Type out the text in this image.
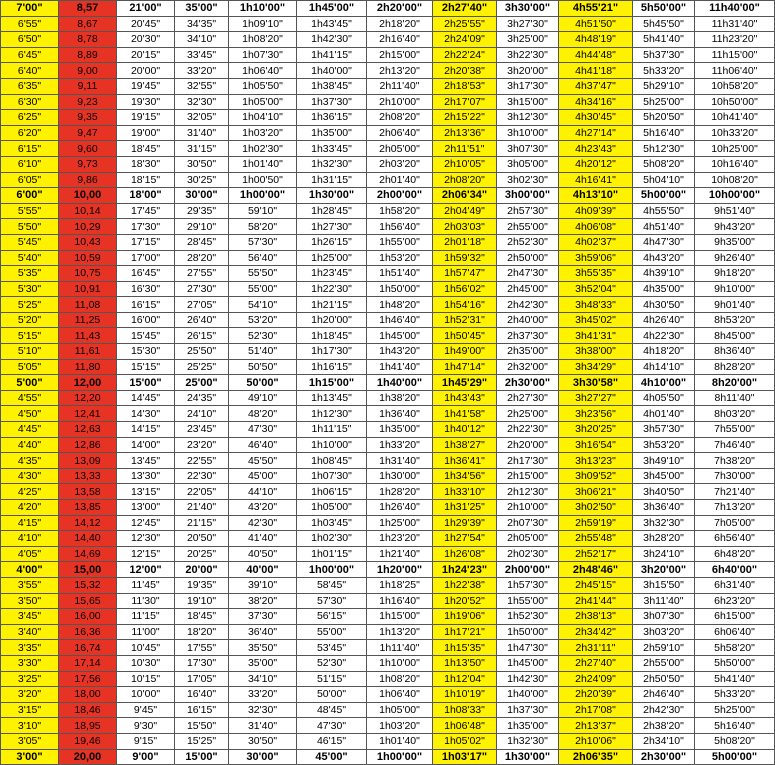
7'00"	8,57	21'00"	35'00"	1h10'00"	1h45'00"	2h20'00"	2h27'40"	3h30'00"	4h55'21"	5h50'00"	11h40'00"
6'55"	8,67	20'45"	34'35"	1h09'10"	1h43'45"	2h18'20"	2h25'55"	3h27'30"	4h51'50"	5h45'50"	11h31'40"
6'50"	8,78	20'30"	34'10"	1h08'20"	1h42'30"	2h16'40"	2h24'09"	3h25'00"	4h48'19"	5h41'40"	11h23'20"
6'45"	8,89	20'15"	33'45"	1h07'30"	1h41'15"	2h15'00"	2h22'24"	3h22'30"	4h44'48"	5h37'30"	11h15'00"
6'40"	9,00	20'00"	33'20"	1h06'40"	1h40'00"	2h13'20"	2h20'38"	3h20'00"	4h41'18"	5h33'20"	11h06'40"
6'35"	9,11	19'45"	32'55"	1h05'50"	1h38'45"	2h11'40"	2h18'53"	3h17'30"	4h37'47"	5h29'10"	10h58'20"
6'30"	9,23	19'30"	32'30"	1h05'00"	1h37'30"	2h10'00"	2h17'07"	3h15'00"	4h34'16"	5h25'00"	10h50'00"
6'25"	9,35	19'15"	32'05"	1h04'10"	1h36'15"	2h08'20"	2h15'22"	3h12'30"	4h30'45"	5h20'50"	10h41'40"
6'20"	9,47	19'00"	31'40"	1h03'20"	1h35'00"	2h06'40"	2h13'36"	3h10'00"	4h27'14"	5h16'40"	10h33'20"
6'15"	9,60	18'45"	31'15"	1h02'30"	1h33'45"	2h05'00"	2h11'51"	3h07'30"	4h23'43"	5h12'30"	10h25'00"
6'10"	9,73	18'30"	30'50"	1h01'40"	1h32'30"	2h03'20"	2h10'05"	3h05'00"	4h20'12"	5h08'20"	10h16'40"
6'05"	9,86	18'15"	30'25"	1h00'50"	1h31'15"	2h01'40"	2h08'20"	3h02'30"	4h16'41"	5h04'10"	10h08'20"
6'00"	10,00	18'00"	30'00"	1h00'00"	1h30'00"	2h00'00"	2h06'34"	3h00'00"	4h13'10"	5h00'00"	10h00'00"
5'55"	10,14	17'45"	29'35"	59'10"	1h28'45"	1h58'20"	2h04'49"	2h57'30"	4h09'39"	4h55'50"	9h51'40"
5'50"	10,29	17'30"	29'10"	58'20"	1h27'30"	1h56'40"	2h03'03"	2h55'00"	4h06'08"	4h51'40"	9h43'20"
5'45"	10,43	17'15"	28'45"	57'30"	1h26'15"	1h55'00"	2h01'18"	2h52'30"	4h02'37"	4h47'30"	9h35'00"
5'40"	10,59	17'00"	28'20"	56'40"	1h25'00"	1h53'20"	1h59'32"	2h50'00"	3h59'06"	4h43'20"	9h26'40"
5'35"	10,75	16'45"	27'55"	55'50"	1h23'45"	1h51'40"	1h57'47"	2h47'30"	3h55'35"	4h39'10"	9h18'20"
5'30"	10,91	16'30"	27'30"	55'00"	1h22'30"	1h50'00"	1h56'02"	2h45'00"	3h52'04"	4h35'00"	9h10'00"
5'25"	11,08	16'15"	27'05"	54'10"	1h21'15"	1h48'20"	1h54'16"	2h42'30"	3h48'33"	4h30'50"	9h01'40"
5'20"	11,25	16'00"	26'40"	53'20"	1h20'00"	1h46'40"	1h52'31"	2h40'00"	3h45'02"	4h26'40"	8h53'20"
5'15"	11,43	15'45"	26'15"	52'30"	1h18'45"	1h45'00"	1h50'45"	2h37'30"	3h41'31"	4h22'30"	8h45'00"
5'10"	11,61	15'30"	25'50"	51'40"	1h17'30"	1h43'20"	1h49'00"	2h35'00"	3h38'00"	4h18'20"	8h36'40"
5'05"	11,80	15'15"	25'25"	50'50"	1h16'15"	1h41'40"	1h47'14"	2h32'00"	3h34'29"	4h14'10"	8h28'20"
5'00"	12,00	15'00"	25'00"	50'00"	1h15'00"	1h40'00"	1h45'29"	2h30'00"	3h30'58"	4h10'00"	8h20'00"
4'55"	12,20	14'45"	24'35"	49'10"	1h13'45"	1h38'20"	1h43'43"	2h27'30"	3h27'27"	4h05'50"	8h11'40"
4'50"	12,41	14'30"	24'10"	48'20"	1h12'30"	1h36'40"	1h41'58"	2h25'00"	3h23'56"	4h01'40"	8h03'20"
4'45"	12,63	14'15"	23'45"	47'30"	1h11'15"	1h35'00"	1h40'12"	2h22'30"	3h20'25"	3h57'30"	7h55'00"
4'40"	12,86	14'00"	23'20"	46'40"	1h10'00"	1h33'20"	1h38'27"	2h20'00"	3h16'54"	3h53'20"	7h46'40"
4'35"	13,09	13'45"	22'55"	45'50"	1h08'45"	1h31'40"	1h36'41"	2h17'30"	3h13'23"	3h49'10"	7h38'20"
4'30"	13,33	13'30"	22'30"	45'00"	1h07'30"	1h30'00"	1h34'56"	2h15'00"	3h09'52"	3h45'00"	7h30'00"
4'25"	13,58	13'15"	22'05"	44'10"	1h06'15"	1h28'20"	1h33'10"	2h12'30"	3h06'21"	3h40'50"	7h21'40"
4'20"	13,85	13'00"	21'40"	43'20"	1h05'00"	1h26'40"	1h31'25"	2h10'00"	3h02'50"	3h36'40"	7h13'20"
4'15"	14,12	12'45"	21'15"	42'30"	1h03'45"	1h25'00"	1h29'39"	2h07'30"	2h59'19"	3h32'30"	7h05'00"
4'10"	14,40	12'30"	20'50"	41'40"	1h02'30"	1h23'20"	1h27'54"	2h05'00"	2h55'48"	3h28'20"	6h56'40"
4'05"	14,69	12'15"	20'25"	40'50"	1h01'15"	1h21'40"	1h26'08"	2h02'30"	2h52'17"	3h24'10"	6h48'20"
4'00"	15,00	12'00"	20'00"	40'00"	1h00'00"	1h20'00"	1h24'23"	2h00'00"	2h48'46"	3h20'00"	6h40'00"
3'55"	15,32	11'45"	19'35"	39'10"	58'45"	1h18'25"	1h22'38"	1h57'30"	2h45'15"	3h15'50"	6h31'40"
3'50"	15,65	11'30"	19'10"	38'20"	57'30"	1h16'40"	1h20'52"	1h55'00"	2h41'44"	3h11'40"	6h23'20"
3'45"	16,00	11'15"	18'45"	37'30"	56'15"	1h15'00"	1h19'06"	1h52'30"	2h38'13"	3h07'30"	6h15'00"
3'40"	16,36	11'00"	18'20"	36'40"	55'00"	1h13'20"	1h17'21"	1h50'00"	2h34'42"	3h03'20"	6h06'40"
3'35"	16,74	10'45"	17'55"	35'50"	53'45"	1h11'40"	1h15'35"	1h47'30"	2h31'11"	2h59'10"	5h58'20"
3'30"	17,14	10'30"	17'30"	35'00"	52'30"	1h10'00"	1h13'50"	1h45'00"	2h27'40"	2h55'00"	5h50'00"
3'25"	17,56	10'15"	17'05"	34'10"	51'15"	1h08'20"	1h12'04"	1h42'30"	2h24'09"	2h50'50"	5h41'40"
3'20"	18,00	10'00"	16'40"	33'20"	50'00"	1h06'40"	1h10'19"	1h40'00"	2h20'39"	2h46'40"	5h33'20"
3'15"	18,46	9'45"	16'15"	32'30"	48'45"	1h05'00"	1h08'33"	1h37'30"	2h17'08"	2h42'30"	5h25'00"
3'10"	18,95	9'30"	15'50"	31'40"	47'30"	1h03'20"	1h06'48"	1h35'00"	2h13'37"	2h38'20"	5h16'40"
3'05"	19,46	9'15"	15'25"	30'50"	46'15"	1h01'40"	1h05'02"	1h32'30"	2h10'06"	2h34'10"	5h08'20"
3'00"	20,00	9'00"	15'00"	30'00"	45'00"	1h00'00"	1h03'17"	1h30'00"	2h06'35"	2h30'00"	5h00'00"
